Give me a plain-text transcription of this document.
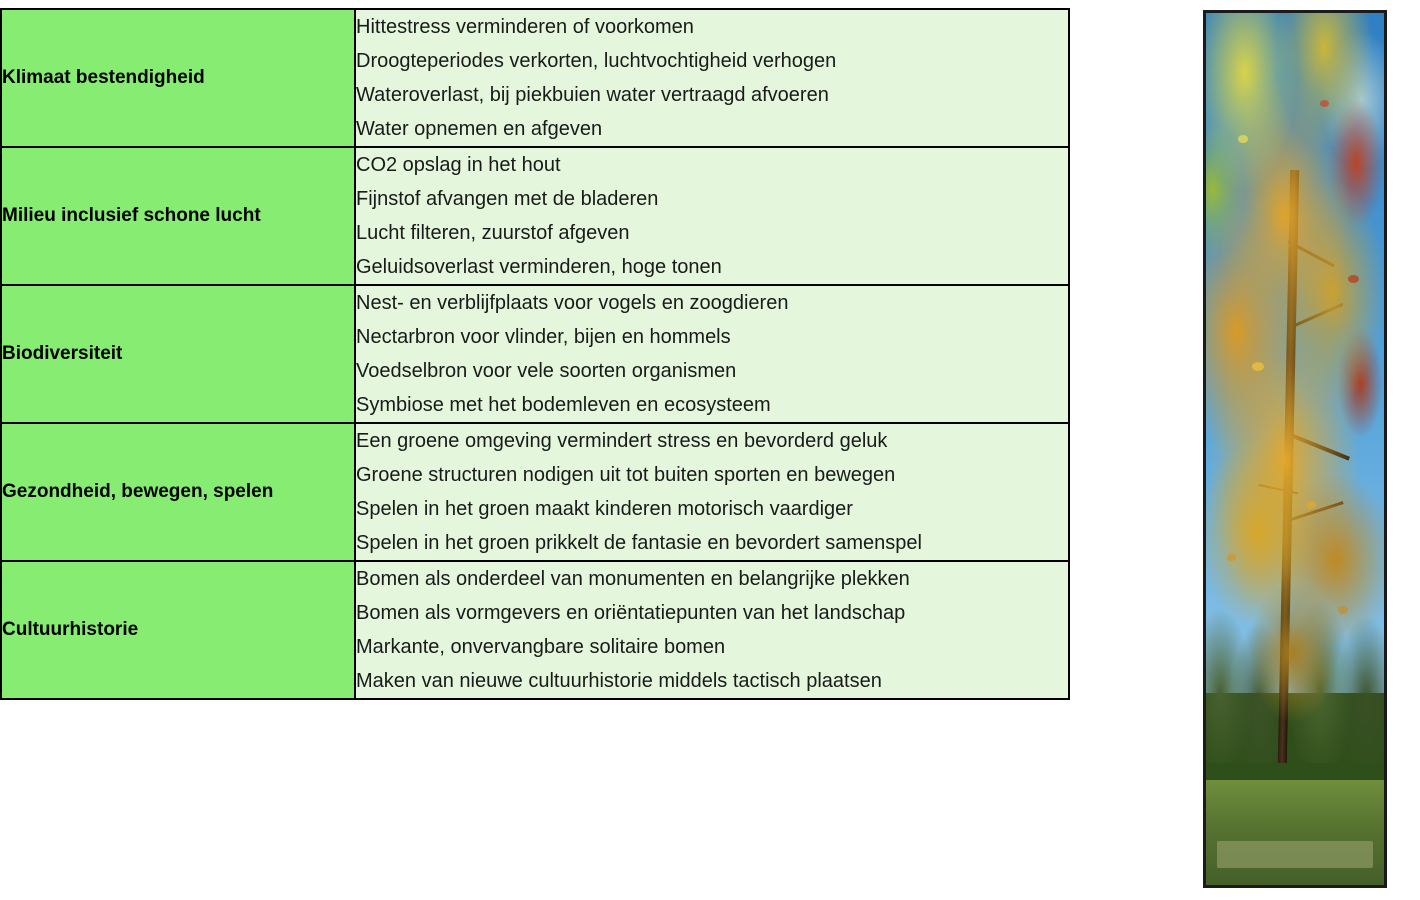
Klimaat bestendigheid	Hittestress verminderen of voorkomen
Droogteperiodes verkorten, luchtvochtigheid verhogen
Wateroverlast, bij piekbuien water vertraagd afvoeren
Water opnemen en afgeven

Milieu inclusief schone lucht	CO2 opslag in het hout
Fijnstof afvangen met de bladeren
Lucht filteren, zuurstof afgeven
Geluidsoverlast verminderen, hoge tonen

Biodiversiteit	Nest- en verblijfplaats voor vogels en zoogdieren
Nectarbron voor vlinder, bijen en hommels
Voedselbron voor vele soorten organismen
Symbiose met het bodemleven en ecosysteem

Gezondheid, bewegen, spelen	Een groene omgeving vermindert stress en bevorderd geluk
Groene structuren nodigen uit tot buiten sporten en bewegen
Spelen in het groen maakt kinderen motorisch vaardiger
Spelen in het groen prikkelt de fantasie en bevordert samenspel

Cultuurhistorie	Bomen als onderdeel van monumenten en belangrijke plekken
Bomen als vormgevers en oriëntatiepunten van het landschap
Markante, onvervangbare solitaire bomen
Maken van nieuwe cultuurhistorie middels tactisch plaatsen
